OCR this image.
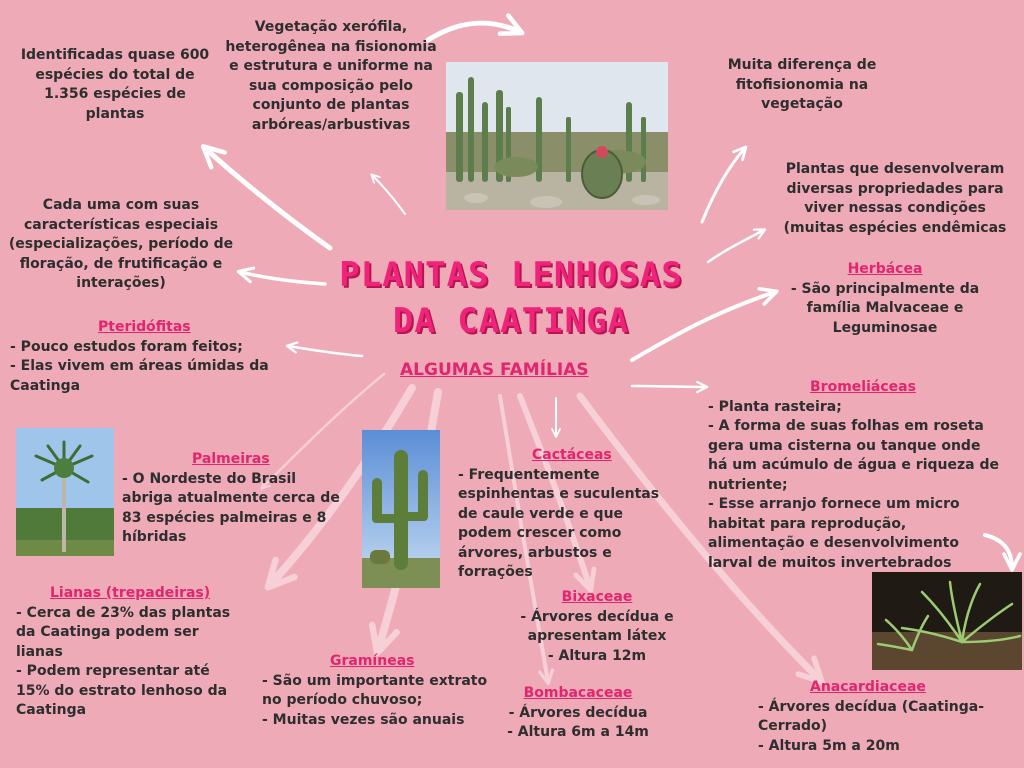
PLANTAS LENHOSAS
DA CAATINGA
ALGUMAS FAMÍLIAS
Identificadas quase 600 espécies do total de 1.356 espécies de plantas
Vegetação xerófila, heterogênea na fisionomia e estrutura e uniforme na sua composição pelo conjunto de plantas arbóreas/arbustivas
Muita diferença de fitofisionomia na vegetação
Plantas que desenvolveram diversas propriedades para viver nessas condições (muitas espécies endêmicas
Cada uma com suas características especiais (especializações, período de floração, de frutificação e interações)
Herbácea
- São principalmente da família Malvaceae e Leguminosae
Pteridófitas
- Pouco estudos foram feitos;
- Elas vivem em áreas úmidas da Caatinga	Bromeliáceas
- Planta rasteira;
- A forma de suas folhas em roseta gera uma cisterna ou tanque onde há um acúmulo de água e riqueza de nutriente;
- Esse arranjo fornece um micro habitat para reprodução, alimentação e desenvolvimento larval de muitos invertebrados
Palmeiras
- O Nordeste do Brasil abriga atualmente cerca de 83 espécies palmeiras e 8 híbridas
Cactáceas
- Frequentemente espinhentas e suculentas de caule verde e que podem crescer como árvores, arbustos e forrações
Lianas (trepadeiras)
- Cerca de 23% das plantas da Caatinga podem ser lianas
- Podem representar até 15% do estrato lenhoso da Caatinga
Bixaceae
- Árvores decídua e apresentam látex
- Altura 12m
Gramíneas
- São um importante extrato no período chuvoso;
- Muitas vezes são anuais
Bombacaceae
- Árvores decídua
- Altura 6m a 14m
Anacardiaceae
- Árvores decídua (Caatinga-Cerrado)
- Altura 5m a 20m
